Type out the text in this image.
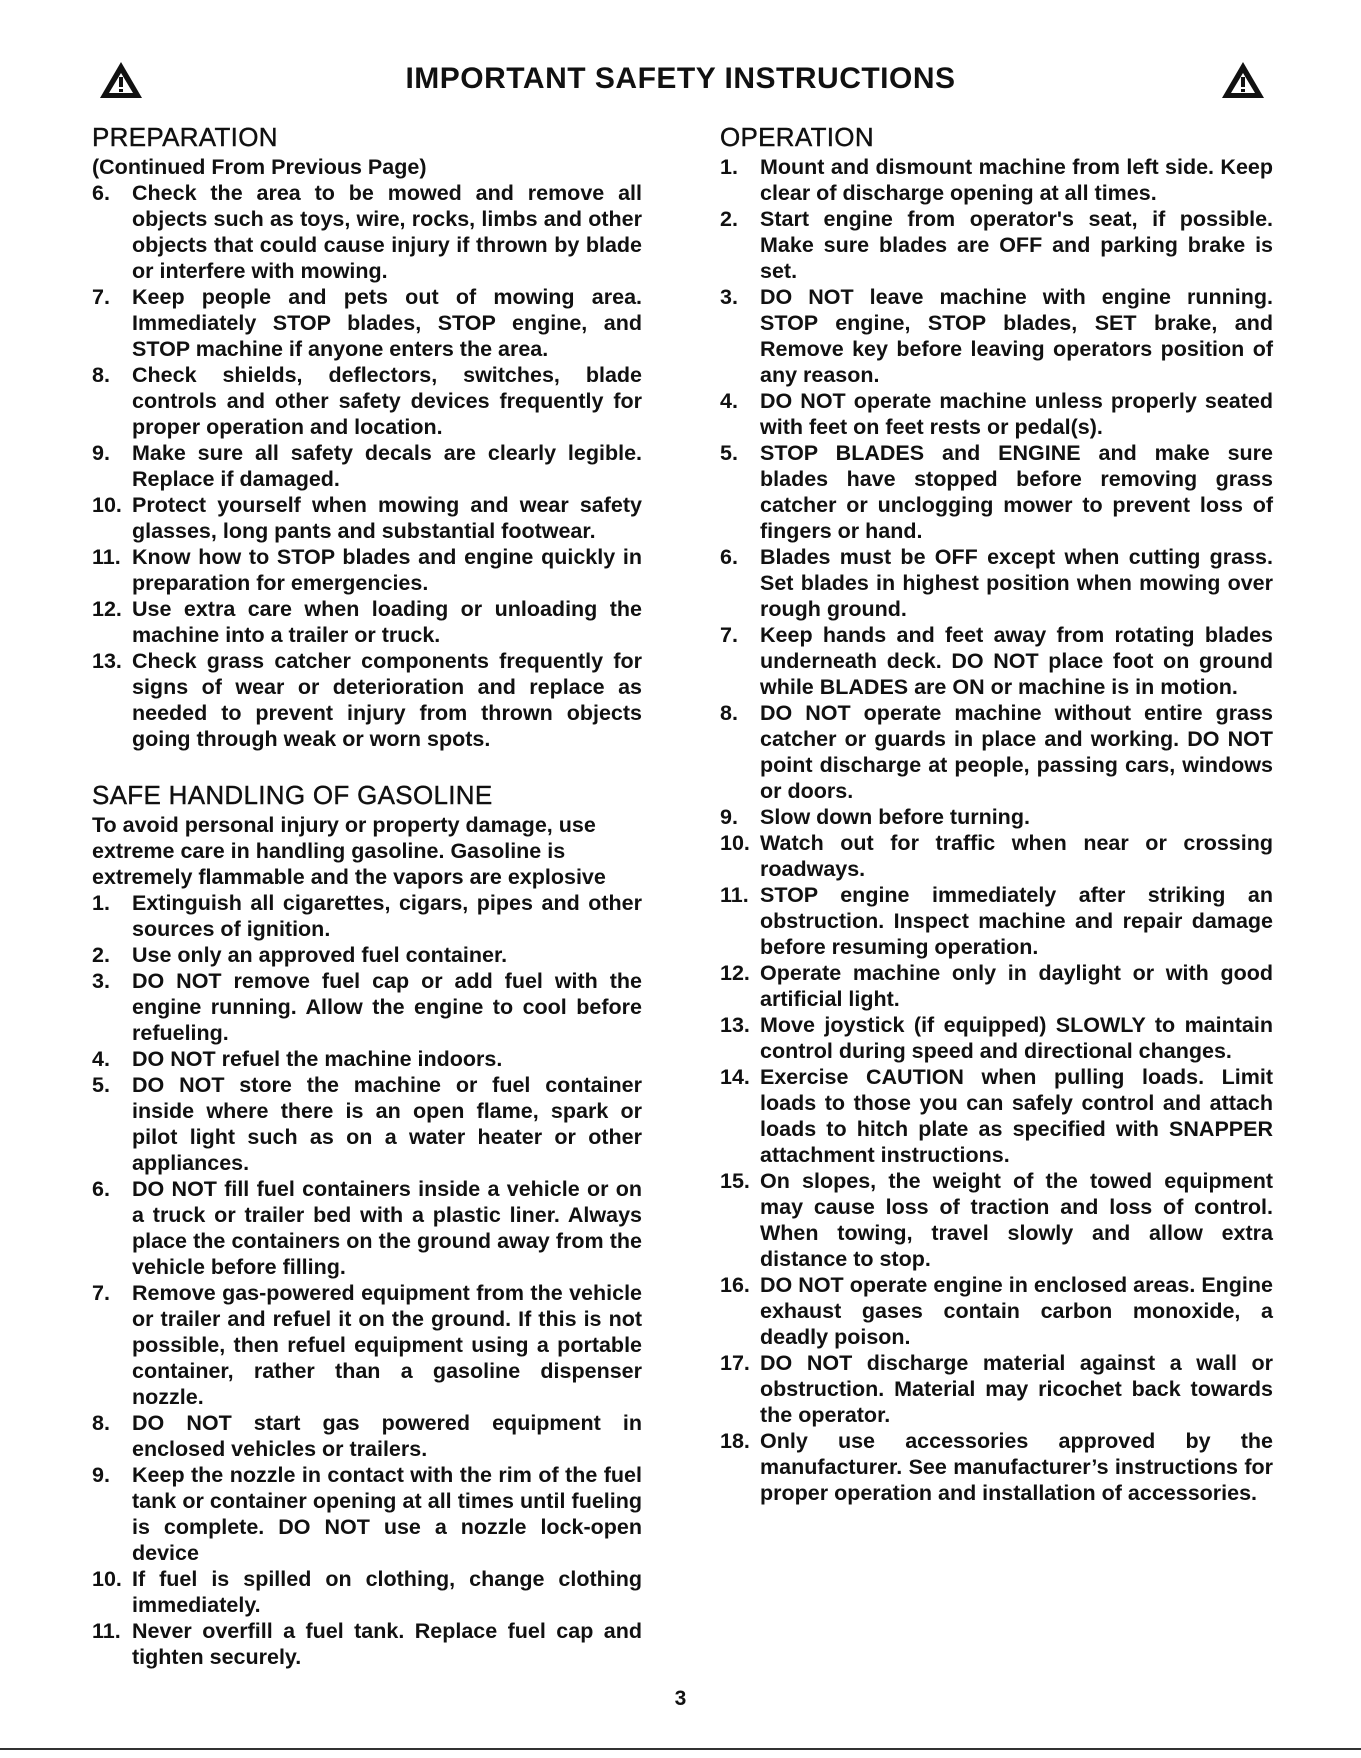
IMPORTANT SAFETY INSTRUCTIONS
PREPARATION
(Continued From Previous Page)
6.	Check the area to be mowed and remove all objects such as toys, wire, rocks, limbs and other objects that could cause injury if thrown by blade or interfere with mowing.
7.	Keep people and pets out of mowing area. Immediately STOP blades, STOP engine, and STOP machine if anyone enters the area.
8.	Check shields, deflectors, switches, blade controls and other safety devices frequently for proper operation and location.
9.	Make sure all safety decals are clearly legible. Replace if damaged.
10. Protect yourself when mowing and wear safety glasses, long pants and substantial footwear.
11. Know how to STOP blades and engine quickly in preparation for emergencies.
12. Use extra care when loading or unloading the machine into a trailer or truck.
13. Check grass catcher components frequently for signs of wear or deterioration and replace as needed to prevent injury from thrown objects going through weak or worn spots.
SAFE HANDLING OF GASOLINE
To avoid personal injury or property damage, use extreme care in handling gasoline. Gasoline is extremely flammable and the vapors are explosive
1.	Extinguish all cigarettes, cigars, pipes and other sources of ignition.
2.	Use only an approved fuel container.
3.	DO NOT remove fuel cap or add fuel with the engine running. Allow the engine to cool before refueling.
4.	DO NOT refuel the machine indoors.
5.	DO NOT store the machine or fuel container inside where there is an open flame, spark or pilot light such as on a water heater or other appliances.
6.	DO NOT fill fuel containers inside a vehicle or on a truck or trailer bed with a plastic liner. Always place the containers on the ground away from the vehicle before filling.
7.	Remove gas-powered equipment from the vehicle or trailer and refuel it on the ground. If this is not possible, then refuel equipment using a portable container, rather than a gasoline dispenser nozzle.
8.	DO NOT start gas powered equipment in enclosed vehicles or trailers.
9.	Keep the nozzle in contact with the rim of the fuel tank or container opening at all times until fueling is complete. DO NOT use a nozzle lock-open device
10. If fuel is spilled on clothing, change clothing immediately.
11. Never overfill a fuel tank. Replace fuel cap and tighten securely.
OPERATION
1.	Mount and dismount machine from left side. Keep clear of discharge opening at all times.
2.	Start engine from operator's seat, if possible. Make sure blades are OFF and parking brake is set.
3.	DO NOT leave machine with engine running. STOP engine, STOP blades, SET brake, and Remove key before leaving operators position of any reason.
4.	DO NOT operate machine unless properly seated with feet on feet rests or pedal(s).
5.	STOP BLADES and ENGINE and make sure blades have stopped before removing grass catcher or unclogging mower to prevent loss of fingers or hand.
6.	Blades must be OFF except when cutting grass. Set blades in highest position when mowing over rough ground.
7.	Keep hands and feet away from rotating blades underneath deck. DO NOT place foot on ground while BLADES are ON or machine is in motion.
8.	DO NOT operate machine without entire grass catcher or guards in place and working. DO NOT point discharge at people, passing cars, windows or doors.
9.	Slow down before turning.
10. Watch out for traffic when near or crossing roadways.
11. STOP engine immediately after striking an obstruction. Inspect machine and repair damage before resuming operation.
12. Operate machine only in daylight or with good artificial light.
13. Move joystick (if equipped) SLOWLY to maintain control during speed and directional changes.
14. Exercise CAUTION when pulling loads. Limit loads to those you can safely control and attach loads to hitch plate as specified with SNAPPER attachment instructions.
15. On slopes, the weight of the towed equipment may cause loss of traction and loss of control. When towing, travel slowly and allow extra distance to stop.
16. DO NOT operate engine in enclosed areas. Engine exhaust gases contain carbon monoxide, a deadly poison.
17. DO NOT discharge material against a wall or obstruction. Material may ricochet back towards the operator.
18. Only use accessories approved by the manufacturer. See manufacturer’s instructions for proper operation and installation of accessories.
3
